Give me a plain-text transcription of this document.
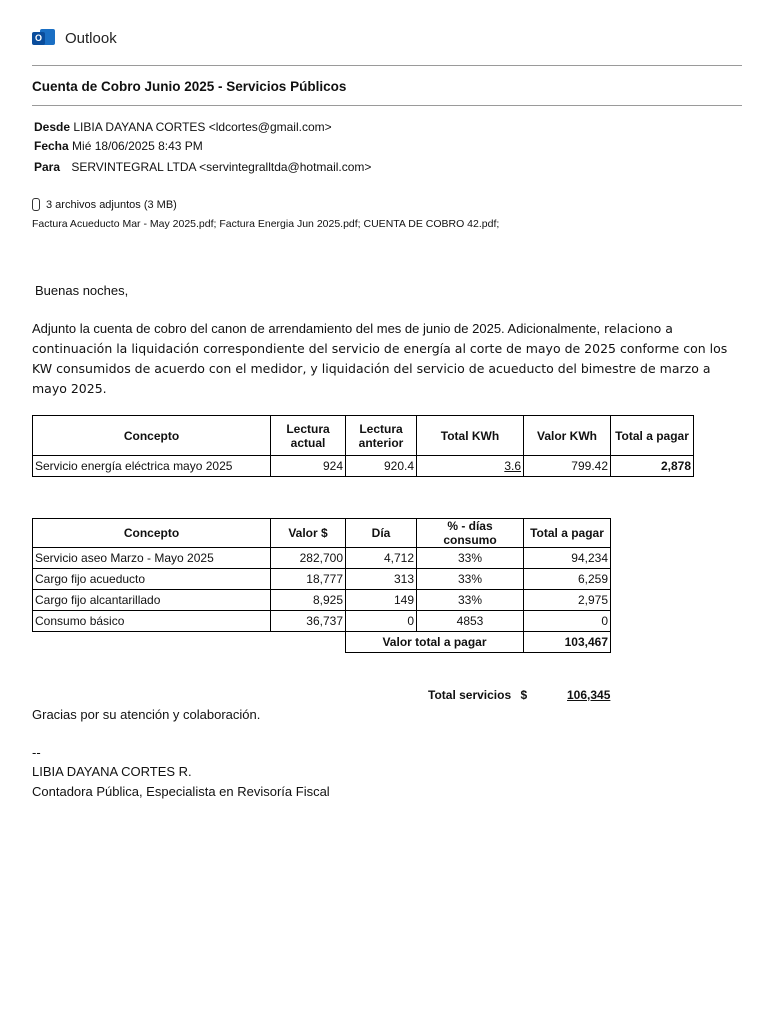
O Outlook
Cuenta de Cobro Junio 2025 - Servicios Públicos
Desde LIBIA DAYANA CORTES <ldcortes@gmail.com>
Fecha Mié 18/06/2025 8:43 PM
Para SERVINTEGRAL LTDA <servintegralltda@hotmail.com>
3 archivos adjuntos (3 MB)
Factura Acueducto Mar - May 2025.pdf; Factura Energia Jun 2025.pdf; CUENTA DE COBRO 42.pdf;
Buenas noches,
Adjunto la cuenta de cobro del canon de arrendamiento del mes de junio de 2025. Adicionalmente, relaciono a continuación la liquidación correspondiente del servicio de energía al corte de mayo de 2025 conforme con los KW consumidos de acuerdo con el medidor, y liquidación del servicio de acueducto del bimestre de marzo a mayo 2025.
Concepto	Lectura actual	Lectura anterior	Total KWh	Valor KWh	Total a pagar
Servicio energía eléctrica mayo 2025	924	920.4	3.6	799.42	2,878
Concepto	Valor $	Día	% - días consumo	Total a pagar
Servicio aseo Marzo - Mayo 2025	282,700	4,712	33%	94,234
Cargo fijo acueducto	18,777	313	33%	6,259
Cargo fijo alcantarillado	8,925	149	33%	2,975
Consumo básico	36,737	0	4853	0
		Valor total a pagar		103,467
Total servicios $	106,345
Gracias por su atención y colaboración.
--
LIBIA DAYANA CORTES R.
Contadora Pública, Especialista en Revisoría Fiscal
